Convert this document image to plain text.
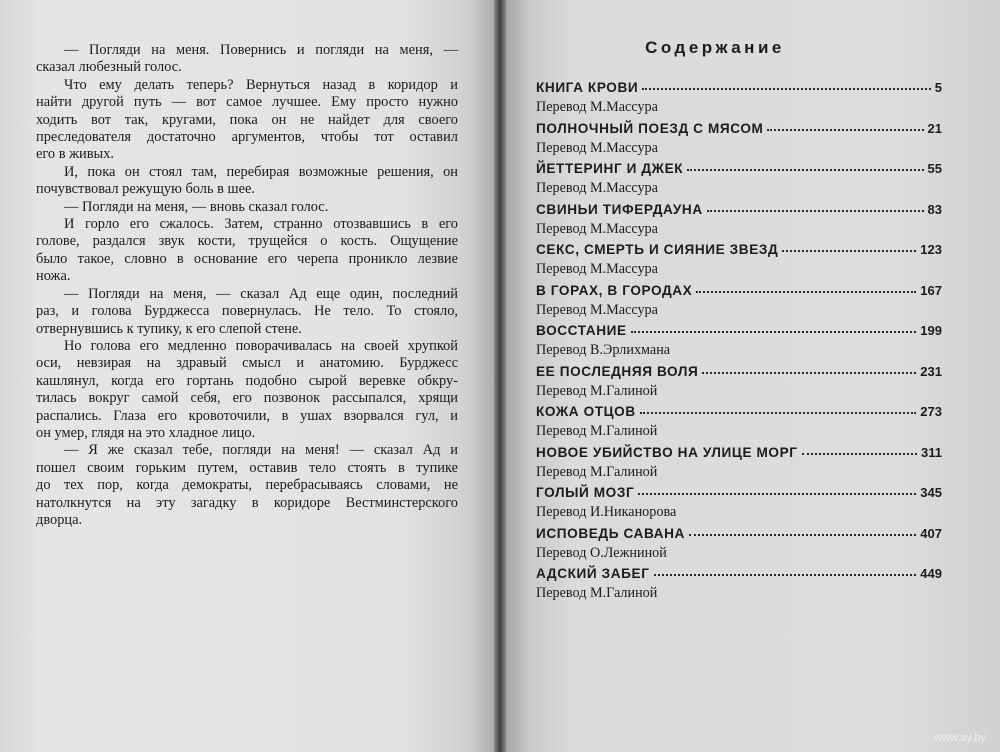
— Погляди на меня. Повернись и погляди на меня, —
сказал любезный голос.
Что ему делать теперь? Вернуться назад в коридор и
найти другой путь — вот самое лучшее. Ему просто нужно
ходить вот так, кругами, пока он не найдет для своего
преследователя достаточно аргументов, чтобы тот оставил
его в живых.
И, пока он стоял там, перебирая возможные решения, он
почувствовал режущую боль в шее.
— Погляди на меня, — вновь сказал голос.
И горло его сжалось. Затем, странно отозвавшись в его
голове, раздался звук кости, трущейся о кость. Ощущение
было такое, словно в основание его черепа проникло лезвие
ножа.
— Погляди на меня, — сказал Ад еще один, последний
раз, и голова Бурджесса повернулась. Не тело. То стояло,
отвернувшись к тупику, к его слепой стене.
Но голова его медленно поворачивалась на своей хрупкой
оси, невзирая на здравый смысл и анатомию. Бурджесс
кашлянул, когда его гортань подобно сырой веревке обкру-
тилась вокруг самой себя, его позвонок рассыпался, хрящи
распались. Глаза его кровоточили, в ушах взорвался гул, и
он умер, глядя на это хладное лицо.
— Я же сказал тебе, погляди на меня! — сказал Ад и
пошел своим горьким путем, оставив тело стоять в тупике
до тех пор, когда демократы, перебрасываясь словами, не
натолкнутся на эту загадку в коридоре Вестминстерского
дворца.
Содержание
КНИГА КРОВИ	5
Перевод М.Массура
ПОЛНОЧНЫЙ ПОЕЗД С МЯСОМ	21
Перевод М.Массура
ЙЕТТЕРИНГ И ДЖЕК	55
Перевод М.Массура
СВИНЬИ ТИФЕРДАУНА	83
Перевод М.Массура
СЕКС, СМЕРТЬ И СИЯНИЕ ЗВЕЗД	123
Перевод М.Массура
В ГОРАХ, В ГОРОДАХ	167
Перевод М.Массура
ВОССТАНИЕ	199
Перевод В.Эрлихмана
ЕЕ ПОСЛЕДНЯЯ ВОЛЯ	231
Перевод М.Галиной
КОЖА ОТЦОВ	273
Перевод М.Галиной
НОВОЕ УБИЙСТВО НА УЛИЦЕ МОРГ	311
Перевод М.Галиной
ГОЛЫЙ МОЗГ	345
Перевод И.Никанорова
ИСПОВЕДЬ САВАНА	407
Перевод О.Лежниной
АДСКИЙ ЗАБЕГ	449
Перевод М.Галиной
www.ay.by
